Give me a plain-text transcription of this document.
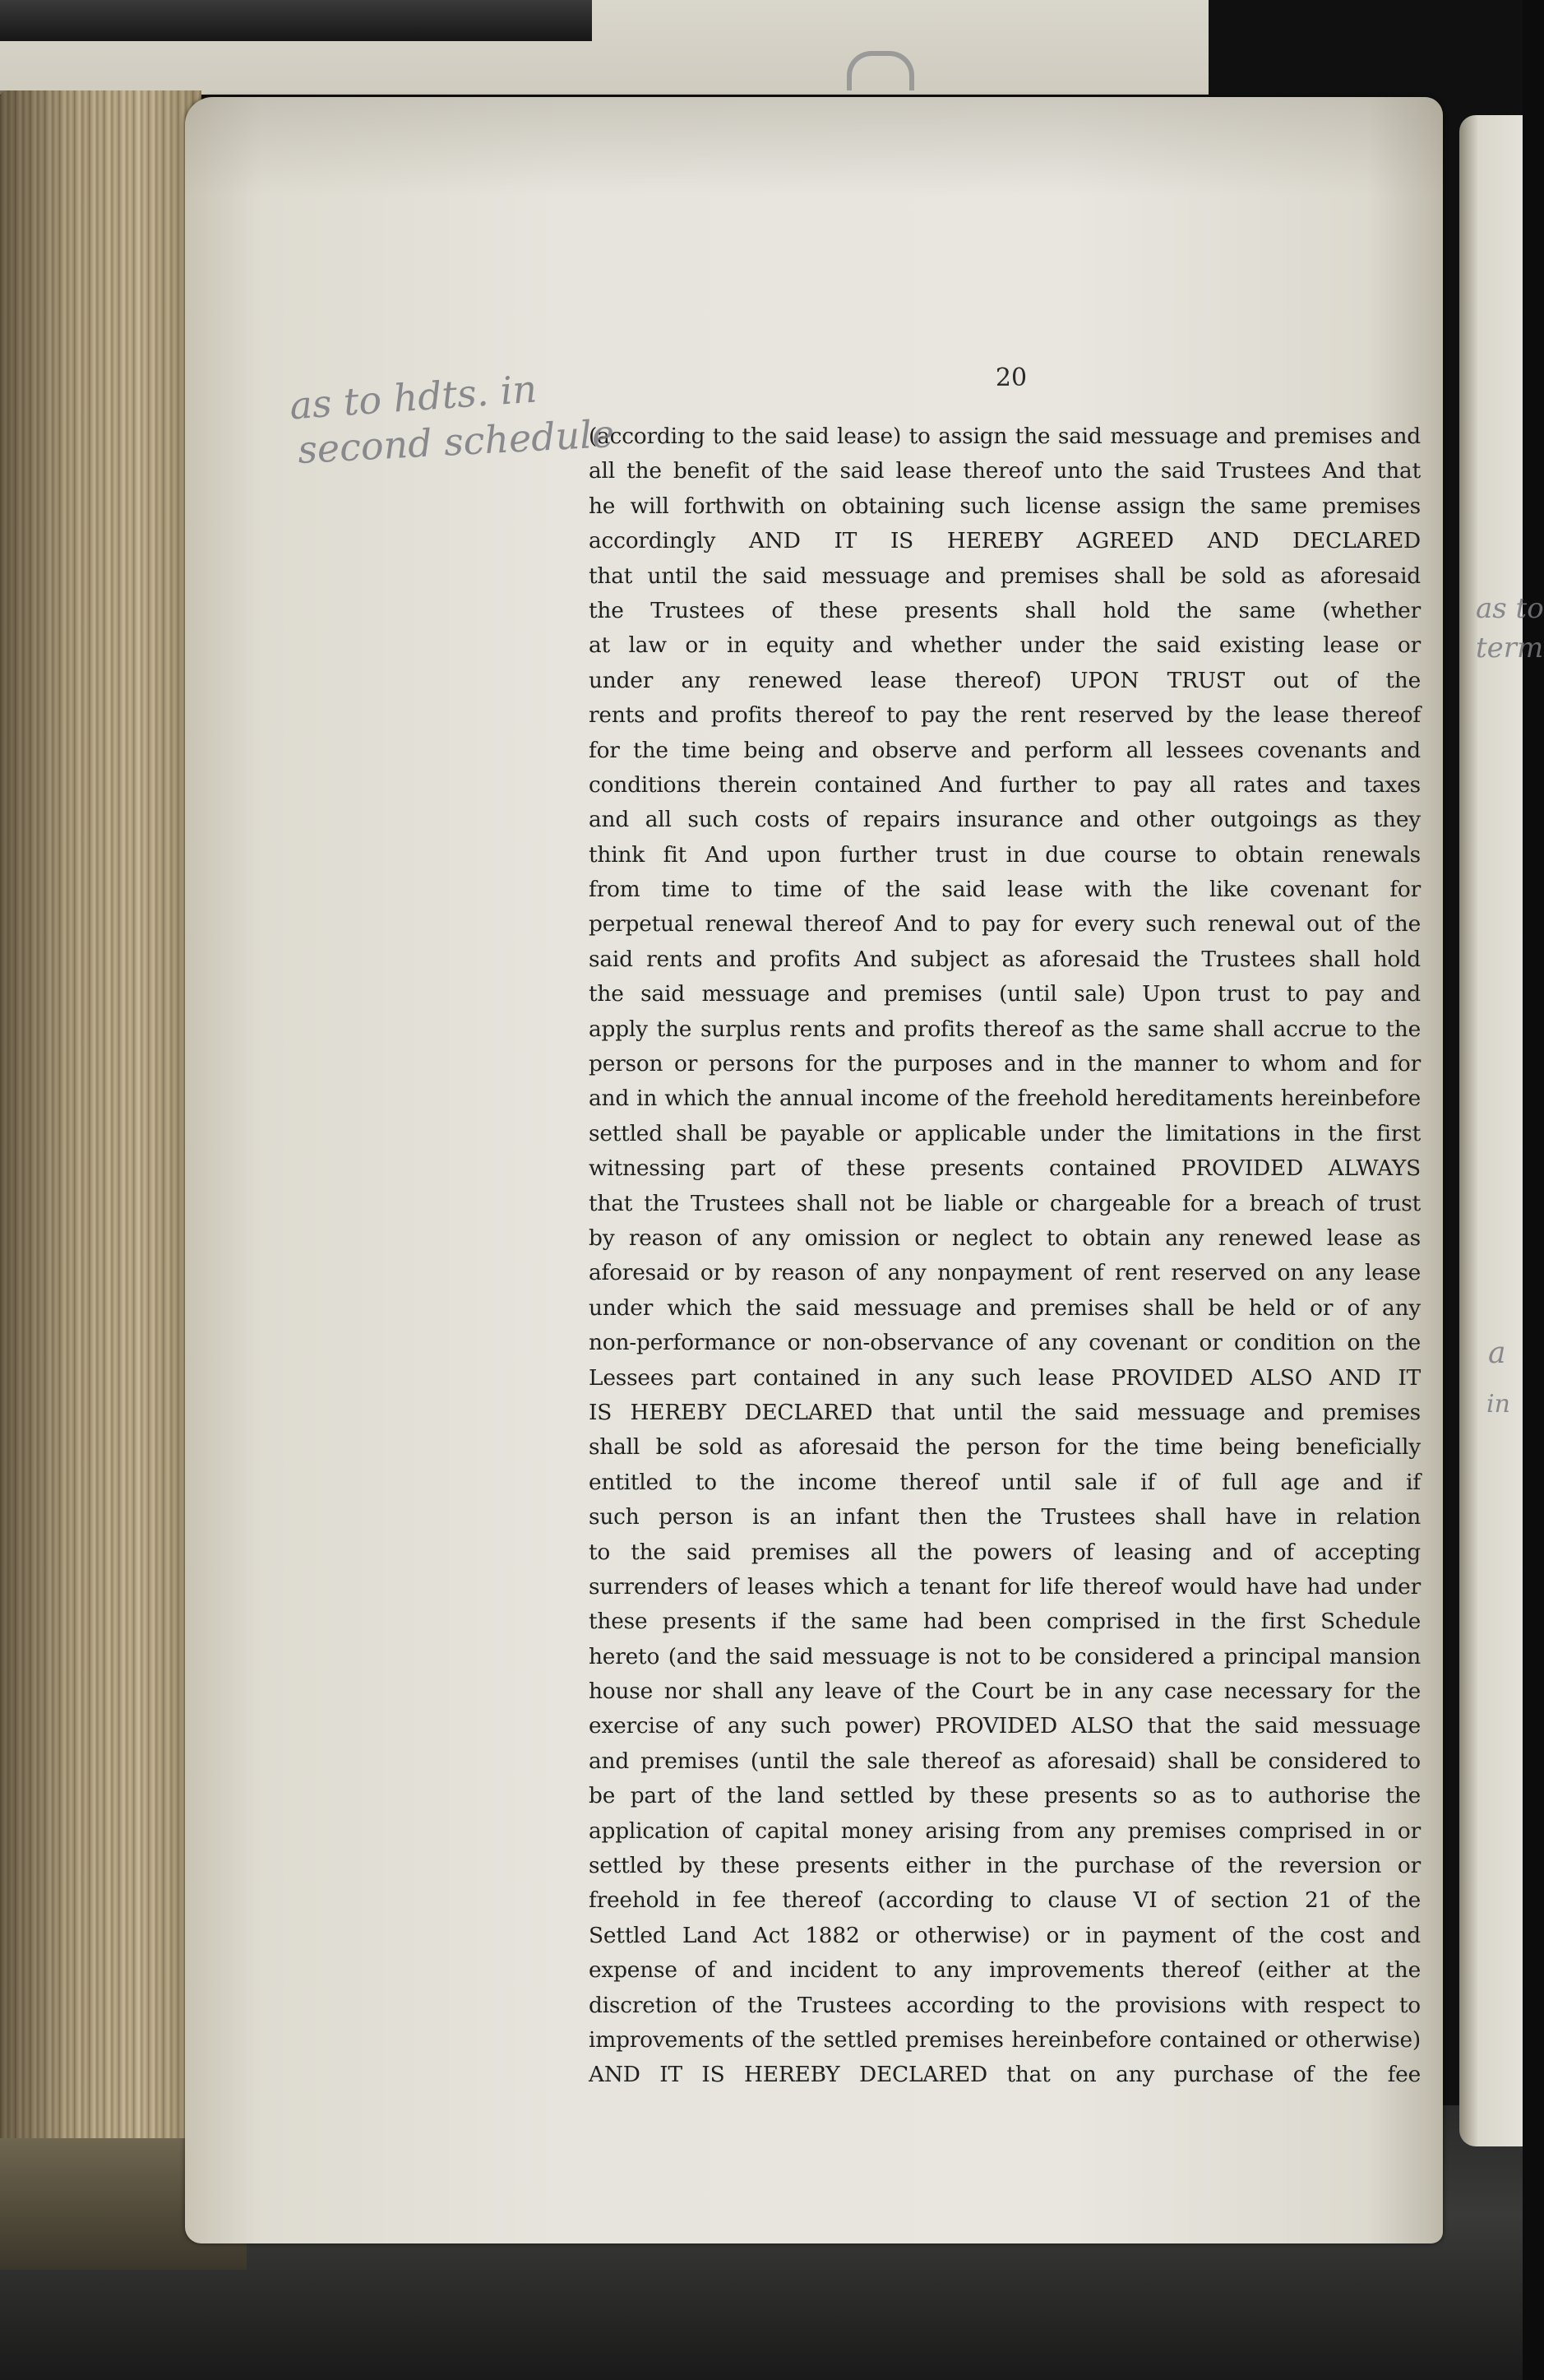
20
(according to the said lease) to assign the said messuage and premises and
all the benefit of the said lease thereof unto the said Trustees And that
he will forthwith on obtaining such license assign the same premises
accordingly AND IT IS HEREBY AGREED AND DECLARED
that until the said messuage and premises shall be sold as aforesaid
the Trustees of these presents shall hold the same (whether
at law or in equity and whether under the said existing lease or
under any renewed lease thereof) UPON TRUST out of the
rents and profits thereof to pay the rent reserved by the lease thereof
for the time being and observe and perform all lessees covenants and
conditions therein contained And further to pay all rates and taxes
and all such costs of repairs insurance and other outgoings as they
think fit And upon further trust in due course to obtain renewals
from time to time of the said lease with the like covenant for
perpetual renewal thereof And to pay for every such renewal out of the
said rents and profits And subject as aforesaid the Trustees shall hold
the said messuage and premises (until sale) Upon trust to pay and
apply the surplus rents and profits thereof as the same shall accrue to the
person or persons for the purposes and in the manner to whom and for
and in which the annual income of the freehold hereditaments hereinbefore
settled shall be payable or applicable under the limitations in the first
witnessing part of these presents contained PROVIDED ALWAYS
that the Trustees shall not be liable or chargeable for a breach of trust
by reason of any omission or neglect to obtain any renewed lease as
aforesaid or by reason of any nonpayment of rent reserved on any lease
under which the said messuage and premises shall be held or of any
non-performance or non-observance of any covenant or condition on the
Lessees part contained in any such lease PROVIDED ALSO AND IT
IS HEREBY DECLARED that until the said messuage and premises
shall be sold as aforesaid the person for the time being beneficially
entitled to the income thereof until sale if of full age and if
such person is an infant then the Trustees shall have in relation
to the said premises all the powers of leasing and of accepting
surrenders of leases which a tenant for life thereof would have had under
these presents if the same had been comprised in the first Schedule
hereto (and the said messuage is not to be considered a principal mansion
house nor shall any leave of the Court be in any case necessary for the
exercise of any such power) PROVIDED ALSO that the said messuage
and premises (until the sale thereof as aforesaid) shall be considered to
be part of the land settled by these presents so as to authorise the
application of capital money arising from any premises comprised in or
settled by these presents either in the purchase of the reversion or
freehold in fee thereof (according to clause VI of section 21 of the
Settled Land Act 1882 or otherwise) or in payment of the cost and
expense of and incident to any improvements thereof (either at the
discretion of the Trustees according to the provisions with respect to
improvements of the settled premises hereinbefore contained or otherwise)
AND IT IS HEREBY DECLARED that on any purchase of the fee
as to hdts. in
second schedule
as to
term
a
in
